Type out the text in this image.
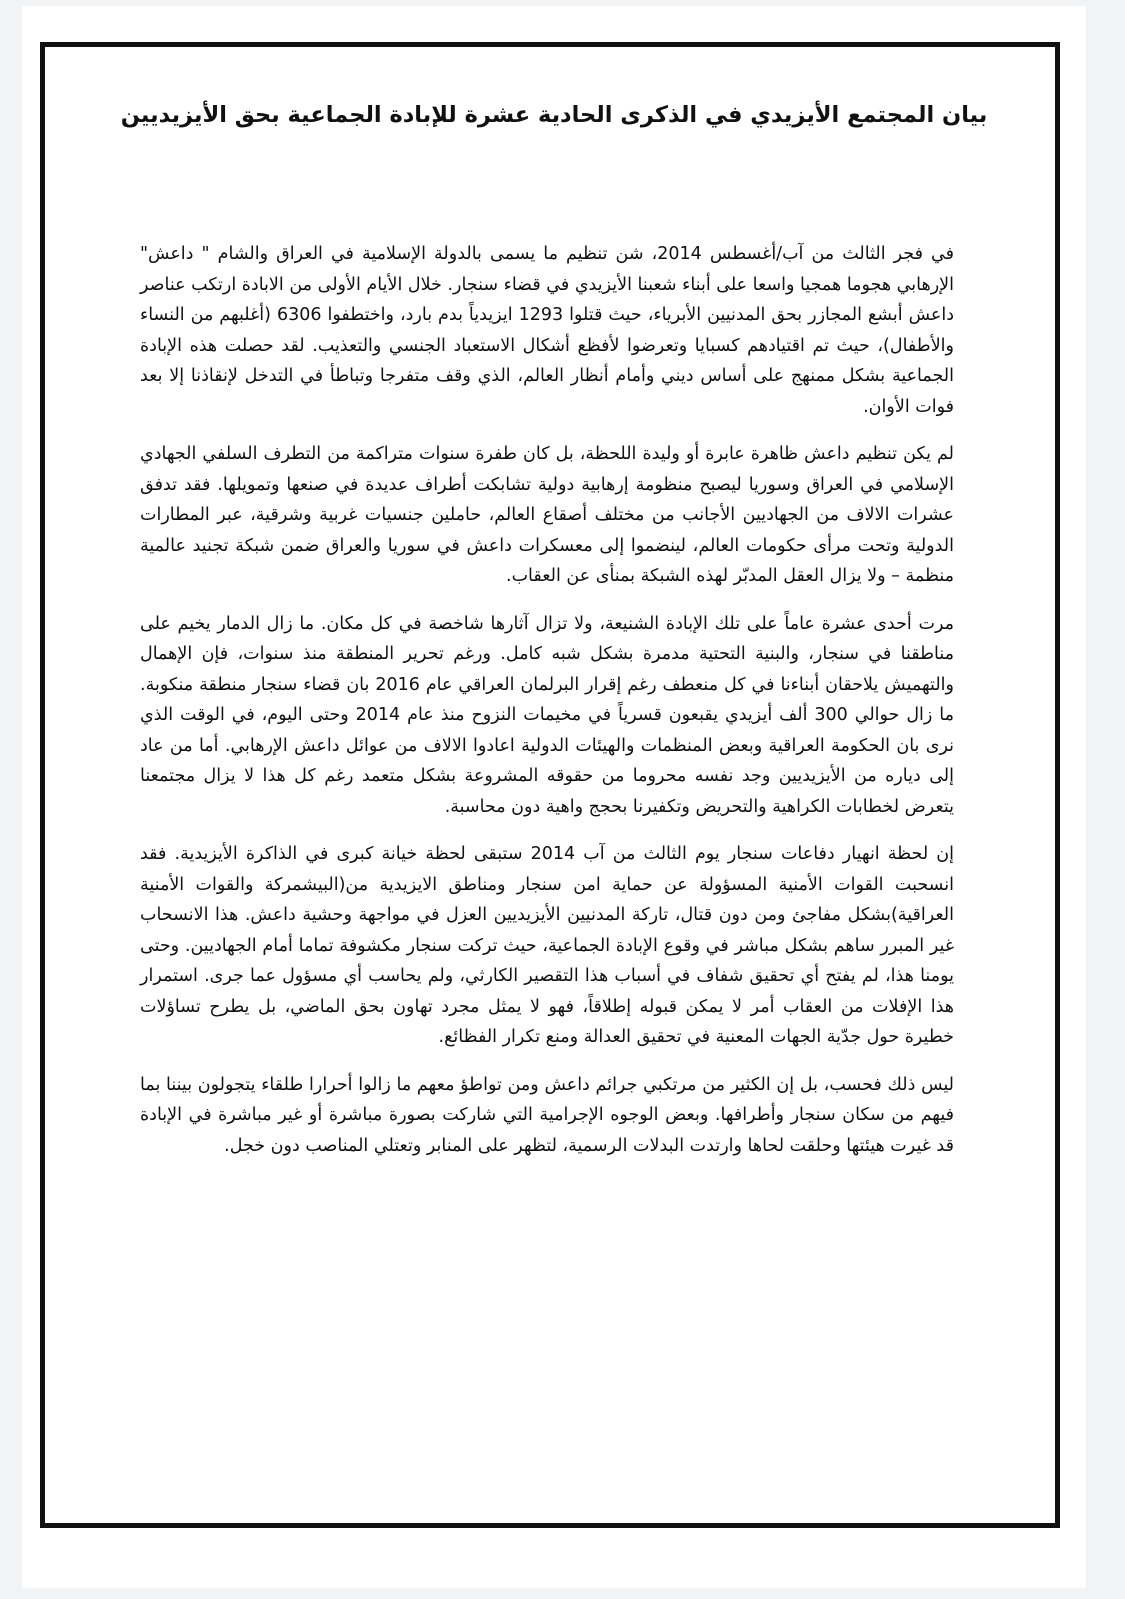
بيان المجتمع الأيزيدي في الذكرى الحادية عشرة للإبادة الجماعية بحق الأيزيديين

في فجر الثالث من آب/أغسطس 2014، شن تنظيم ما يسمى بالدولة الإسلامية في العراق والشام " داعش" الإرهابي هجوما همجيا واسعا على أبناء شعبنا الأيزيدي في قضاء سنجار. خلال الأيام الأولى من الابادة ارتكب عناصر داعش أبشع المجازر بحق المدنيين الأبرياء، حيث قتلوا 1293 ايزيدياً بدم بارد، واختطفوا 6306 (أغلبهم من النساء والأطفال)، حيث تم اقتيادهم كسبايا وتعرضوا لأفظع أشكال الاستعباد الجنسي والتعذيب. لقد حصلت هذه الإبادة الجماعية بشكل ممنهج على أساس ديني وأمام أنظار العالم، الذي وقف متفرجا وتباطأ في التدخل لإنقاذنا إلا بعد فوات الأوان.

لم يكن تنظيم داعش ظاهرة عابرة أو وليدة اللحظة، بل كان طفرة سنوات متراكمة من التطرف السلفي الجهادي الإسلامي في العراق وسوريا ليصبح منظومة إرهابية دولية تشابكت أطراف عديدة في صنعها وتمويلها. فقد تدفق عشرات الالاف من الجهاديين الأجانب من مختلف أصقاع العالم، حاملين جنسيات غربية وشرقية، عبر المطارات الدولية وتحت مرأى حكومات العالم، لينضموا إلى معسكرات داعش في سوريا والعراق ضمن شبكة تجنيد عالمية منظمة – ولا يزال العقل المدبّر لهذه الشبكة بمنأى عن العقاب.

مرت أحدى عشرة عاماً على تلك الإبادة الشنيعة، ولا تزال آثارها شاخصة في كل مكان. ما زال الدمار يخيم على مناطقنا في سنجار، والبنية التحتية مدمرة بشكل شبه كامل. ورغم تحرير المنطقة منذ سنوات، فإن الإهمال والتهميش يلاحقان أبناءنا في كل منعطف رغم إقرار البرلمان العراقي عام 2016 بان قضاء سنجار منطقة منكوبة. ما زال حوالي 300 ألف أيزيدي يقبعون قسرياً في مخيمات النزوح منذ عام 2014 وحتى اليوم، في الوقت الذي نرى بان الحكومة العراقية وبعض المنظمات والهيئات الدولية اعادوا الالاف من عوائل داعش الإرهابي. أما من عاد إلى دياره من الأيزيديين وجد نفسه محروما من حقوقه المشروعة بشكل متعمد رغم كل هذا لا يزال مجتمعنا يتعرض لخطابات الكراهية والتحريض وتكفيرنا بحجج واهية دون محاسبة.

إن لحظة انهيار دفاعات سنجار يوم الثالث من آب 2014 ستبقى لحظة خيانة كبرى في الذاكرة الأيزيدية. فقد انسحبت القوات الأمنية المسؤولة عن حماية امن سنجار ومناطق الايزيدية من(البيشمركة والقوات الأمنية العراقية)بشكل مفاجئ ومن دون قتال، تاركة المدنيين الأيزيديين العزل في مواجهة وحشية داعش. هذا الانسحاب غير المبرر ساهم بشكل مباشر في وقوع الإبادة الجماعية، حيث تركت سنجار مكشوفة تماما أمام الجهاديين. وحتى يومنا هذا، لم يفتح أي تحقيق شفاف في أسباب هذا التقصير الكارثي، ولم يحاسب أي مسؤول عما جرى. استمرار هذا الإفلات من العقاب أمر لا يمكن قبوله إطلاقاً، فهو لا يمثل مجرد تهاون بحق الماضي، بل يطرح تساؤلات خطيرة حول جدّية الجهات المعنية في تحقيق العدالة ومنع تكرار الفظائع.

ليس ذلك فحسب، بل إن الكثير من مرتكبي جرائم داعش ومن تواطؤ معهم ما زالوا أحرارا طلقاء يتجولون بيننا بما فيهم من سكان سنجار وأطرافها. وبعض الوجوه الإجرامية التي شاركت بصورة مباشرة أو غير مباشرة في الإبادة قد غيرت هيئتها وحلقت لحاها وارتدت البدلات الرسمية، لتظهر على المنابر وتعتلي المناصب دون خجل.
